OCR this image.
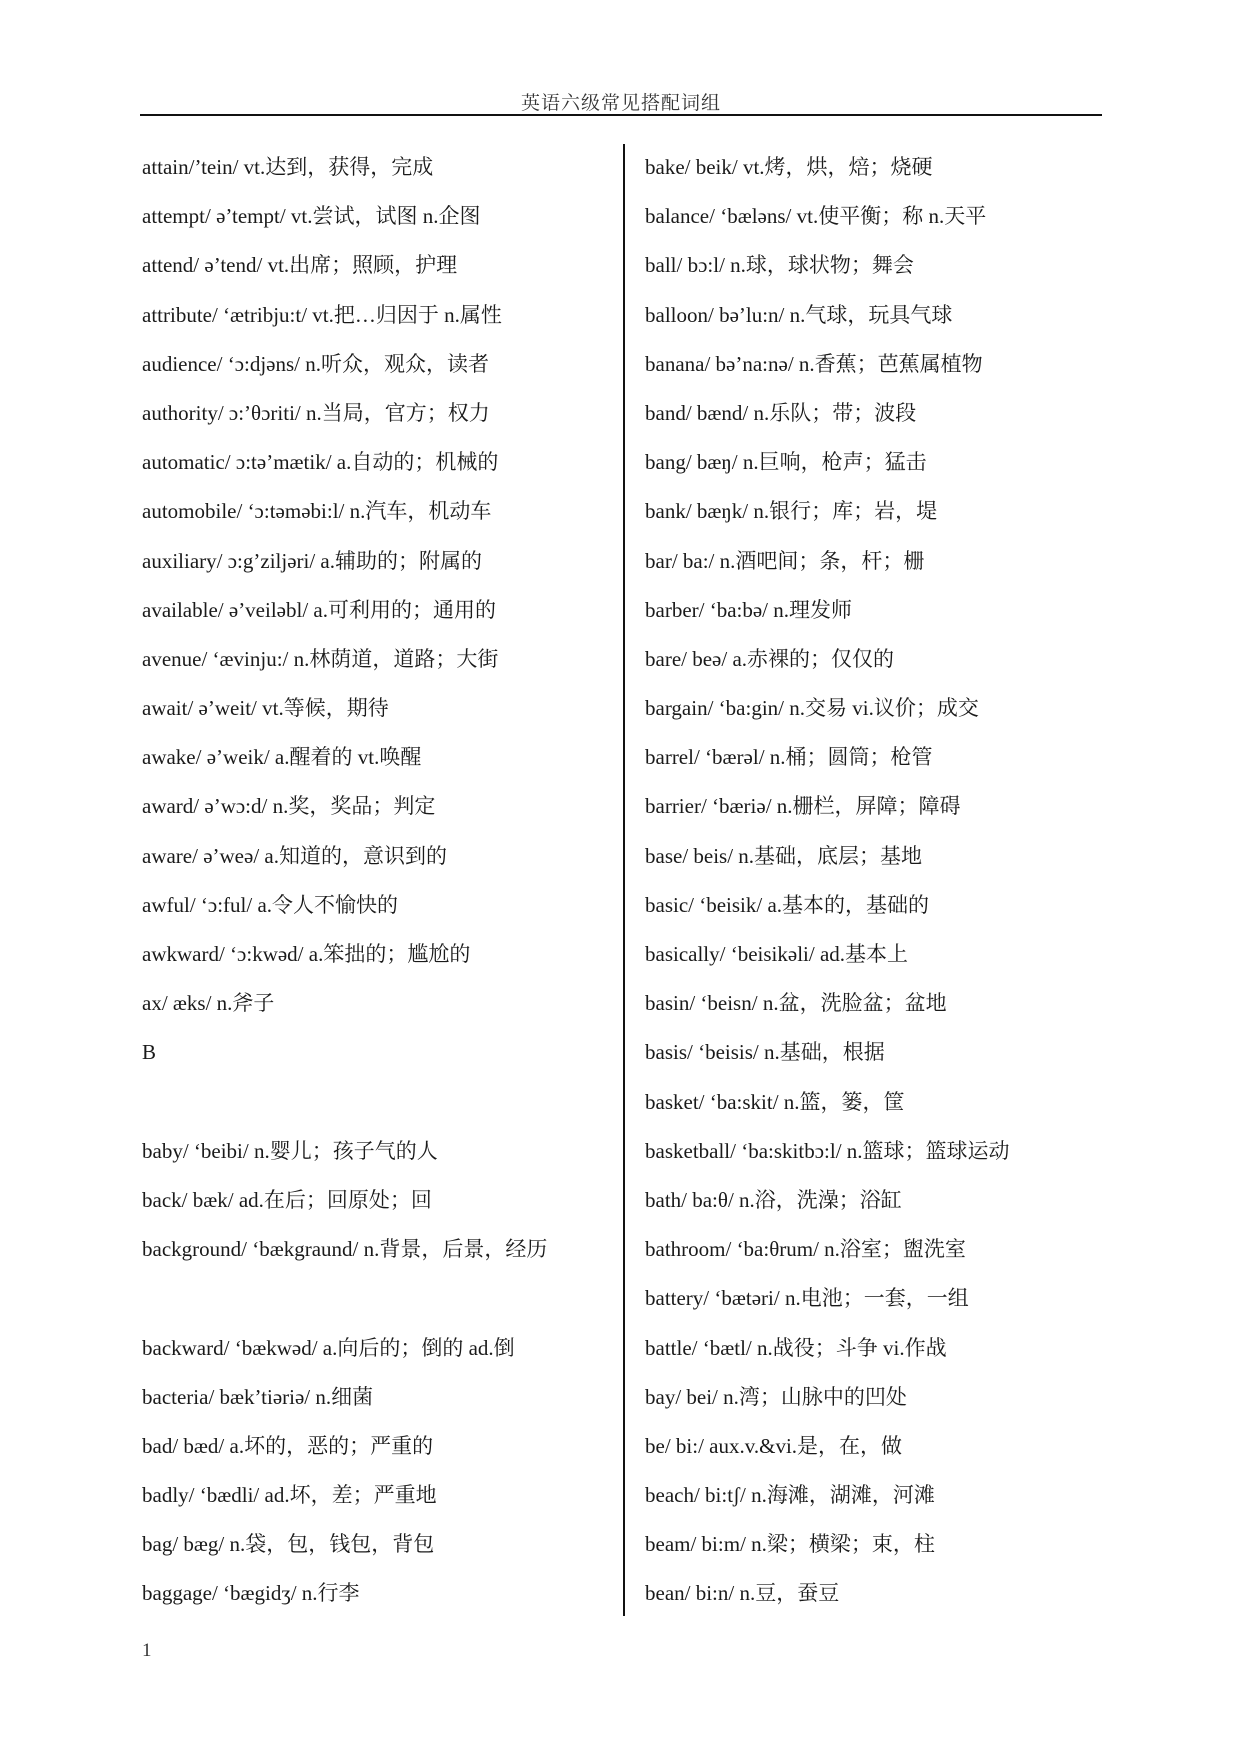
英语六级常见搭配词组
attain/’tein/ vt.达到，获得，完成
attempt/ ə’tempt/ vt.尝试，试图 n.企图
attend/ ə’tend/ vt.出席；照顾，护理
attribute/ ‘ætribju:t/ vt.把…归因于 n.属性
audience/ ‘ɔ:djəns/ n.听众，观众，读者
authority/ ɔ:’θɔriti/ n.当局，官方；权力
automatic/ ɔ:tə’mætik/ a.自动的；机械的
automobile/ ‘ɔ:təməbi:l/ n.汽车，机动车
auxiliary/ ɔ:g’ziljəri/ a.辅助的；附属的
available/ ə’veiləbl/ a.可利用的；通用的
avenue/ ‘ævinju:/ n.林荫道，道路；大街
await/ ə’weit/ vt.等候，期待
awake/ ə’weik/ a.醒着的 vt.唤醒
award/ ə’wɔ:d/ n.奖，奖品；判定
aware/ ə’weə/ a.知道的，意识到的
awful/ ‘ɔ:ful/ a.令人不愉快的
awkward/ ‘ɔ:kwəd/ a.笨拙的；尴尬的
ax/ æks/ n.斧子
B
baby/ ‘beibi/ n.婴儿；孩子气的人
back/ bæk/ ad.在后；回原处；回
background/ ‘bækgraund/ n.背景，后景，经历
backward/ ‘bækwəd/ a.向后的；倒的 ad.倒
bacteria/ bæk’tiəriə/ n.细菌
bad/ bæd/ a.坏的，恶的；严重的
badly/ ‘bædli/ ad.坏，差；严重地
bag/ bæg/ n.袋，包，钱包，背包
baggage/ ‘bægidʒ/ n.行李
bake/ beik/ vt.烤，烘，焙；烧硬
balance/ ‘bæləns/ vt.使平衡；称 n.天平
ball/ bɔ:l/ n.球，球状物；舞会
balloon/ bə’lu:n/ n.气球，玩具气球
banana/ bə’na:nə/ n.香蕉；芭蕉属植物
band/ bænd/ n.乐队；带；波段
bang/ bæŋ/ n.巨响，枪声；猛击
bank/ bæŋk/ n.银行；库；岩，堤
bar/ ba:/ n.酒吧间；条，杆；栅
barber/ ‘ba:bə/ n.理发师
bare/ beə/ a.赤裸的；仅仅的
bargain/ ‘ba:gin/ n.交易 vi.议价；成交
barrel/ ‘bærəl/ n.桶；圆筒；枪管
barrier/ ‘bæriə/ n.栅栏，屏障；障碍
base/ beis/ n.基础，底层；基地
basic/ ‘beisik/ a.基本的，基础的
basically/ ‘beisikəli/ ad.基本上
basin/ ‘beisn/ n.盆，洗脸盆；盆地
basis/ ‘beisis/ n.基础，根据
basket/ ‘ba:skit/ n.篮，篓，筐
basketball/ ‘ba:skitbɔ:l/ n.篮球；篮球运动
bath/ ba:θ/ n.浴，洗澡；浴缸
bathroom/ ‘ba:θrum/ n.浴室；盥洗室
battery/ ‘bætəri/ n.电池；一套，一组
battle/ ‘bætl/ n.战役；斗争 vi.作战
bay/ bei/ n.湾；山脉中的凹处
be/ bi:/ aux.v.&vi.是，在，做
beach/ bi:tʃ/ n.海滩，湖滩，河滩
beam/ bi:m/ n.梁；横梁；束，柱
bean/ bi:n/ n.豆，蚕豆
1
